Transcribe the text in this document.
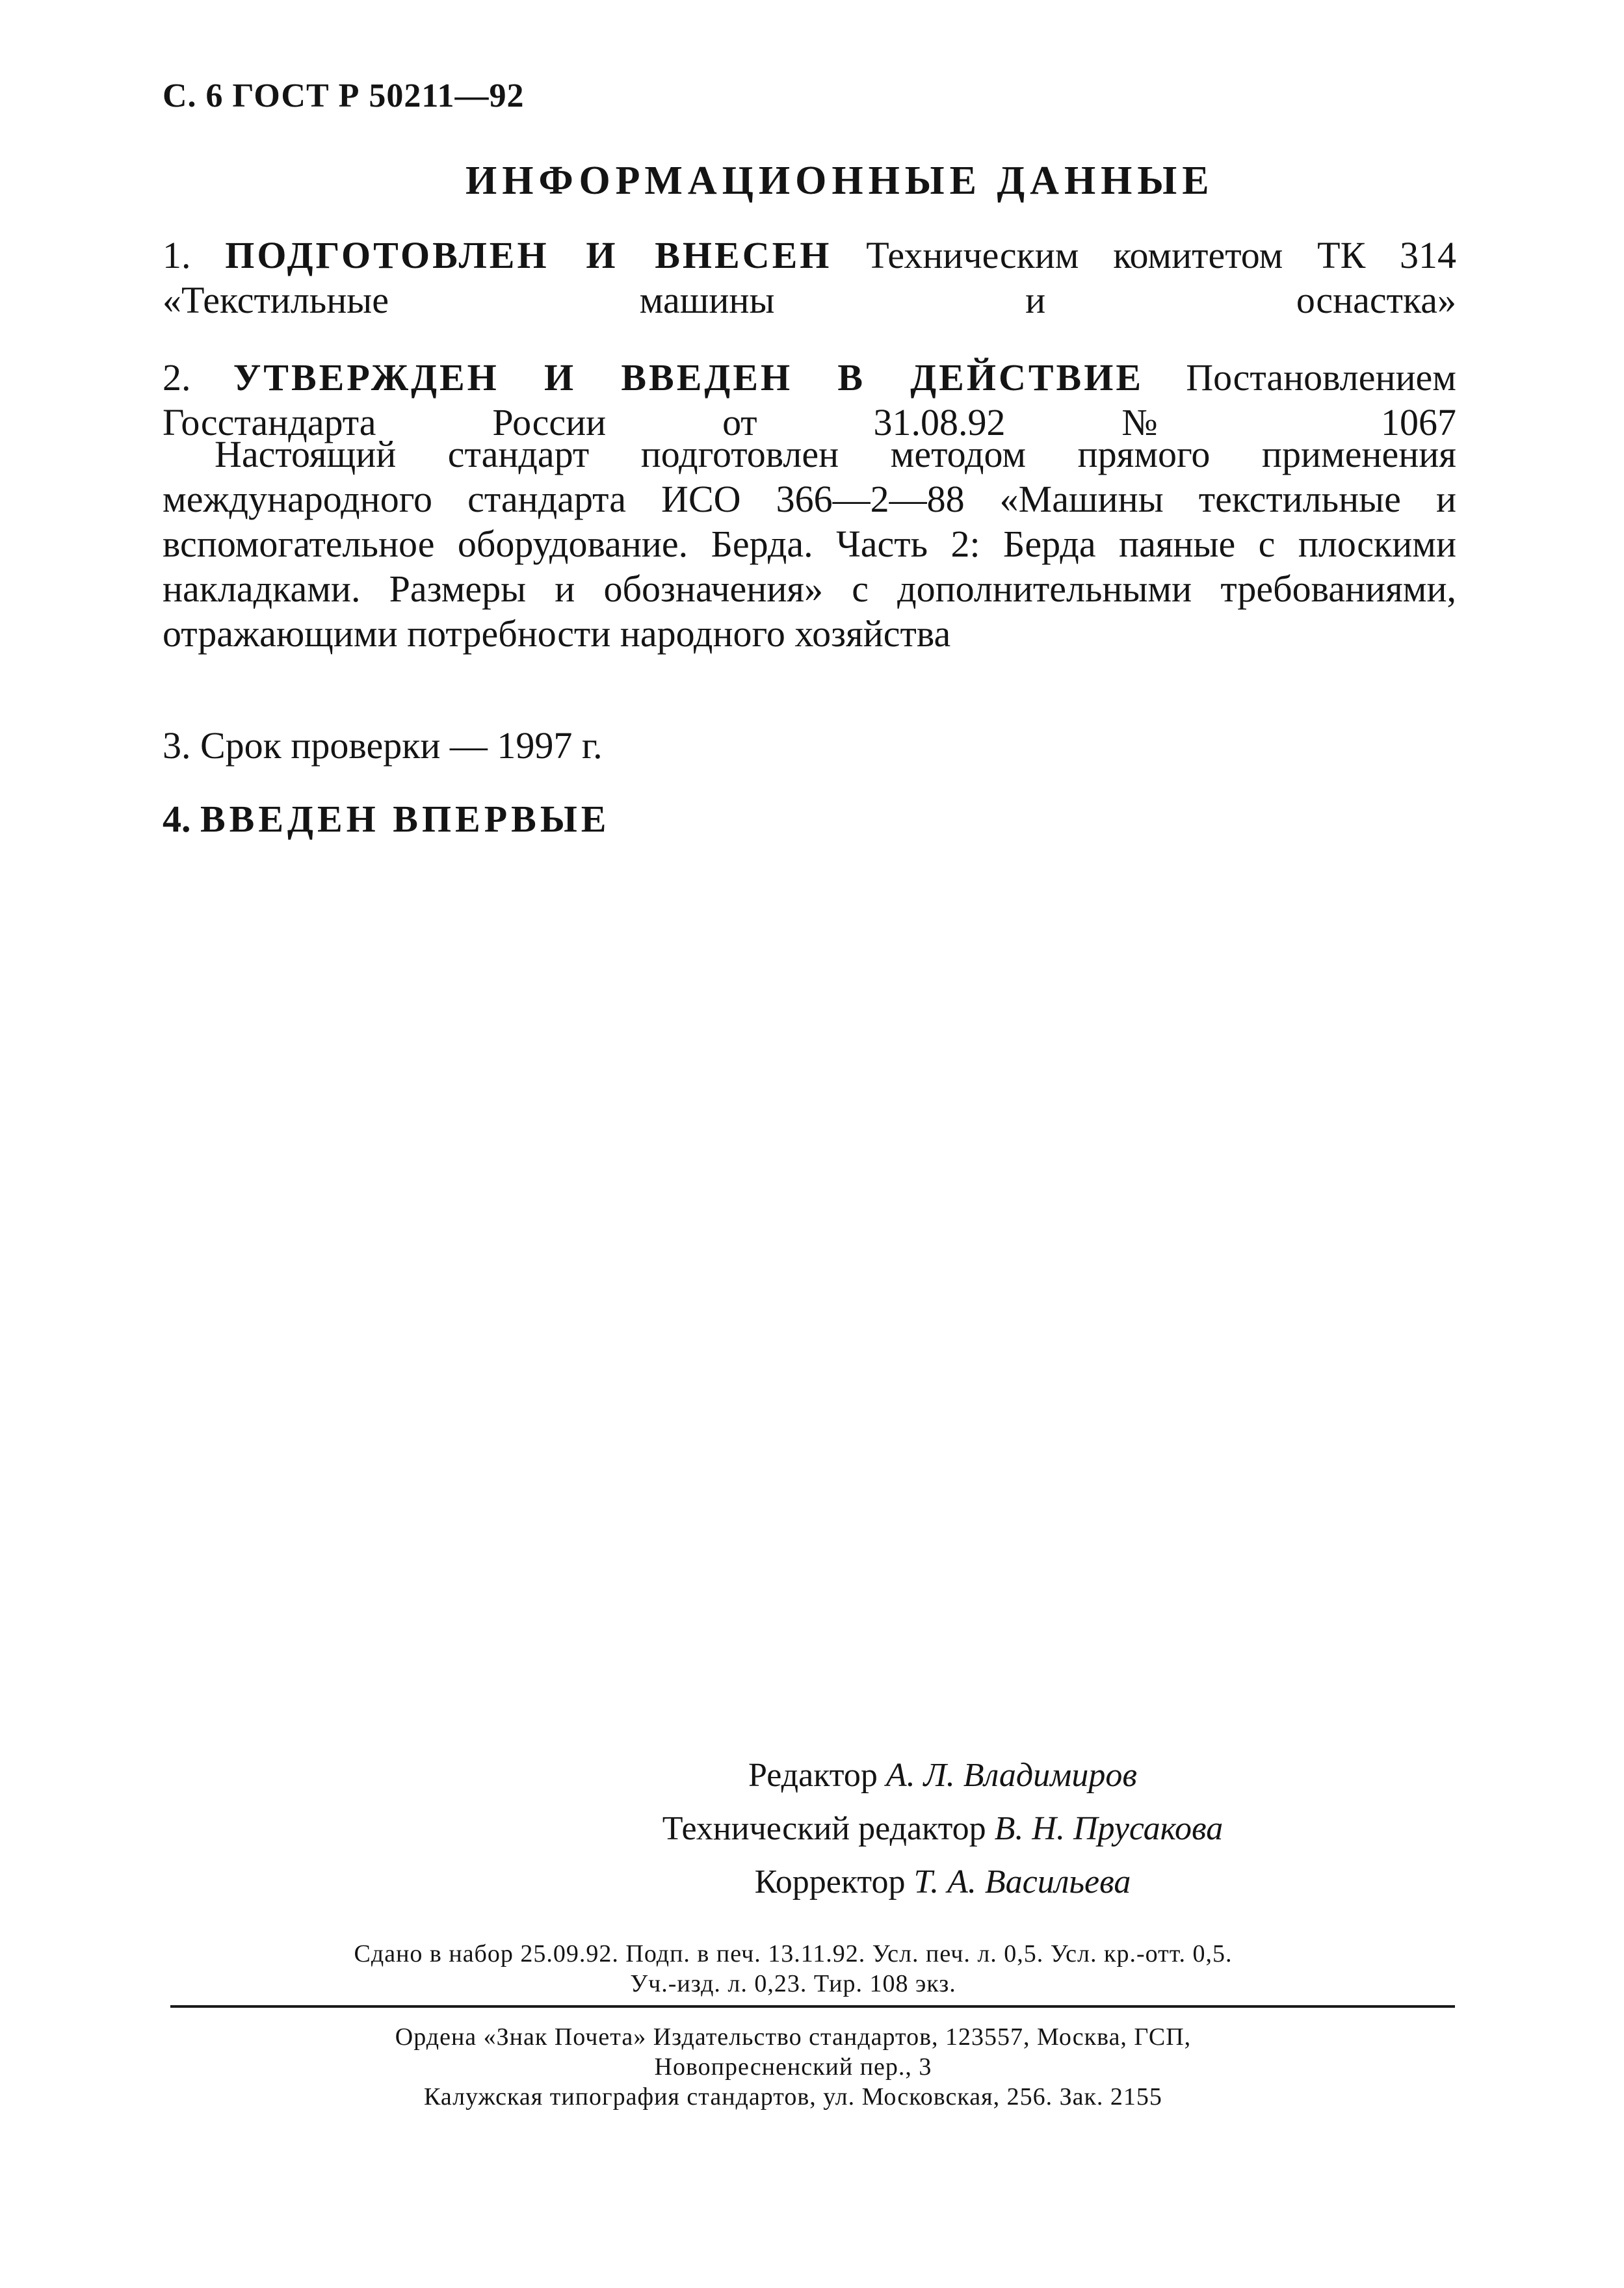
С. 6 ГОСТ Р 50211—92
ИНФОРМАЦИОННЫЕ ДАННЫЕ

1. ПОДГОТОВЛЕН И ВНЕСЕН Техническим комитетом ТК 314 «Текстильные машины и оснастка»

2. УТВЕРЖДЕН И ВВЕДЕН В ДЕЙСТВИЕ Постановлением Госстандарта России от 31.08.92 № 1067

Настоящий стандарт подготовлен методом прямого применения международного стандарта ИСО 366—2—88 «Машины текстильные и вспомогательное оборудование. Берда. Часть 2: Берда паяные с плоскими накладками. Размеры и обозначения» с дополнительными требованиями, отражающими потребности народного хозяйства

3. Срок проверки — 1997 г.

4. ВВЕДЕН ВПЕРВЫЕ

Редактор А. Л. Владимиров
Технический редактор В. Н. Прусакова
Корректор Т. А. Васильева
Сдано в набор 25.09.92. Подп. в печ. 13.11.92. Усл. печ. л. 0,5. Усл. кр.-отт. 0,5.
Уч.-изд. л. 0,23. Тир. 108 экз.
Ордена «Знак Почета» Издательство стандартов, 123557, Москва, ГСП,
Новопресненский пер., 3
Калужская типография стандартов, ул. Московская, 256. Зак. 2155
